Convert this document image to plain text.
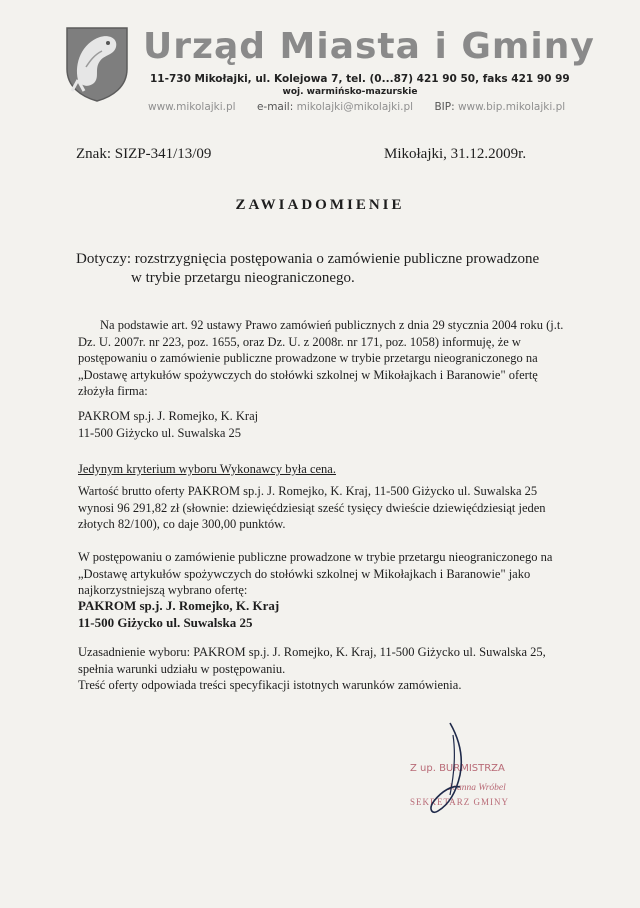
Urząd Miasta i Gminy
11-730 Mikołajki, ul. Kolejowa 7, tel. (0...87) 421 90 50, faks 421 90 99
woj. warmińsko-mazurskie
www.mikolajki.pl e-mail: mikolajki@mikolajki.pl BIP: www.bip.mikolajki.pl
Znak: SIZP-341/13/09	Mikołajki, 31.12.2009r.
ZAWIADOMIENIE
Dotyczy: rozstrzygnięcia postępowania o zamówienie publiczne prowadzone
w trybie przetargu nieograniczonego.

Na podstawie art. 92 ustawy Prawo zamówień publicznych z dnia 29 stycznia 2004 roku (j.t. Dz. U. 2007r. nr 223, poz. 1655, oraz Dz. U. z 2008r. nr 171, poz. 1058) informuję, że w postępowaniu o zamówienie publiczne prowadzone w trybie przetargu nieograniczonego na „Dostawę artykułów spożywczych do stołówki szkolnej w Mikołajkach i Baranowie" ofertę złożyła firma:

PAKROM sp.j. J. Romejko, K. Kraj
11-500 Giżycko ul. Suwalska 25

Jedynym kryterium wyboru Wykonawcy była cena.

Wartość brutto oferty PAKROM sp.j. J. Romejko, K. Kraj, 11-500 Giżycko ul. Suwalska 25 wynosi 96 291,82 zł (słownie: dziewięćdziesiąt sześć tysięcy dwieście dziewięćdziesiąt jeden złotych 82/100), co daje 300,00 punktów.

W postępowaniu o zamówienie publiczne prowadzone w trybie przetargu nieograniczonego na „Dostawę artykułów spożywczych do stołówki szkolnej w Mikołajkach i Baranowie" jako najkorzystniejszą wybrano ofertę:

PAKROM sp.j. J. Romejko, K. Kraj
11-500 Giżycko ul. Suwalska 25

Uzasadnienie wyboru: PAKROM sp.j. J. Romejko, K. Kraj, 11-500 Giżycko ul. Suwalska 25, spełnia warunki udziału w postępowaniu.

Treść oferty odpowiada treści specyfikacji istotnych warunków zamówienia.

Z up. BURMISTRZA
Joanna Wróbel
SEKRETARZ GMINY
